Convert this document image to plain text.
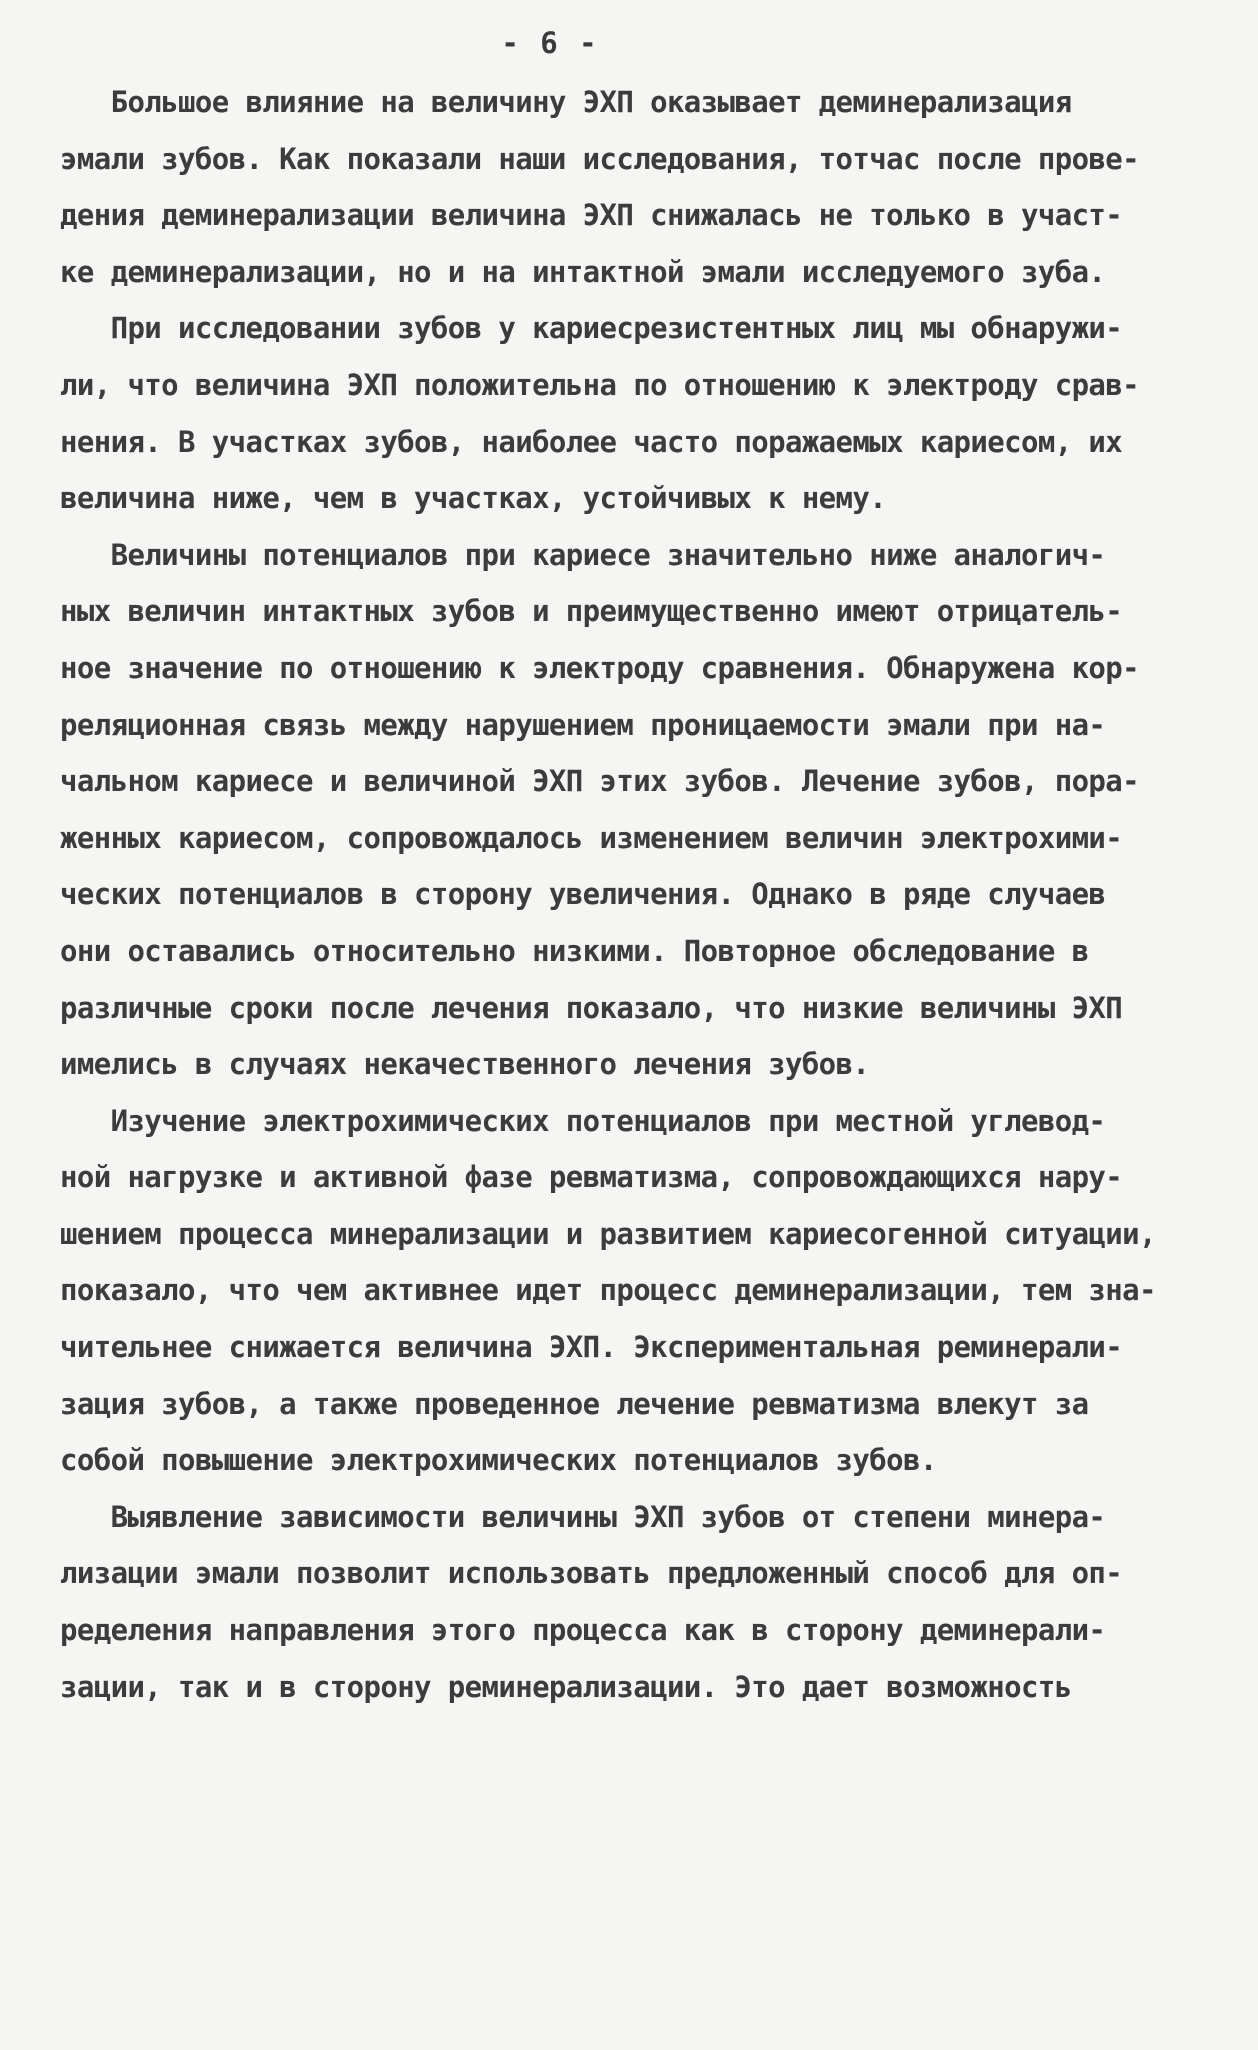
- 6 -
Большое влияние на величину ЭХП оказывает деминерализация
эмали зубов. Как показали наши исследования, тотчас после прове-
дения деминерализации величина ЭХП снижалась не только в участ-
ке деминерализации, но и на интактной эмали исследуемого зуба.
При исследовании зубов у кариесрезистентных лиц мы обнаружи-
ли, что величина ЭХП положительна по отношению к электроду срав-
нения. В участках зубов, наиболее часто поражаемых кариесом, их
величина ниже, чем в участках, устойчивых к нему.
Величины потенциалов при кариесе значительно ниже аналогич-
ных величин интактных зубов и преимущественно имеют отрицатель-
ное значение по отношению к электроду сравнения. Обнаружена кор-
реляционная связь между нарушением проницаемости эмали при на-
чальном кариесе и величиной ЭХП этих зубов. Лечение зубов, пора-
женных кариесом, сопровождалось изменением величин электрохими-
ческих потенциалов в сторону увеличения. Однако в ряде случаев
они оставались относительно низкими. Повторное обследование в
различные сроки после лечения показало, что низкие величины ЭХП
имелись в случаях некачественного лечения зубов.
Изучение электрохимических потенциалов при местной углевод-
ной нагрузке и активной фазе ревматизма, сопровождающихся нару-
шением процесса минерализации и развитием кариесогенной ситуации,
показало, что чем активнее идет процесс деминерализации, тем зна-
чительнее снижается величина ЭХП. Экспериментальная реминерали-
зация зубов, а также проведенное лечение ревматизма влекут за
собой повышение электрохимических потенциалов зубов.
Выявление зависимости величины ЭХП зубов от степени минера-
лизации эмали позволит использовать предложенный способ для оп-
ределения направления этого процесса как в сторону деминерали-
зации, так и в сторону реминерализации. Это дает возможность
